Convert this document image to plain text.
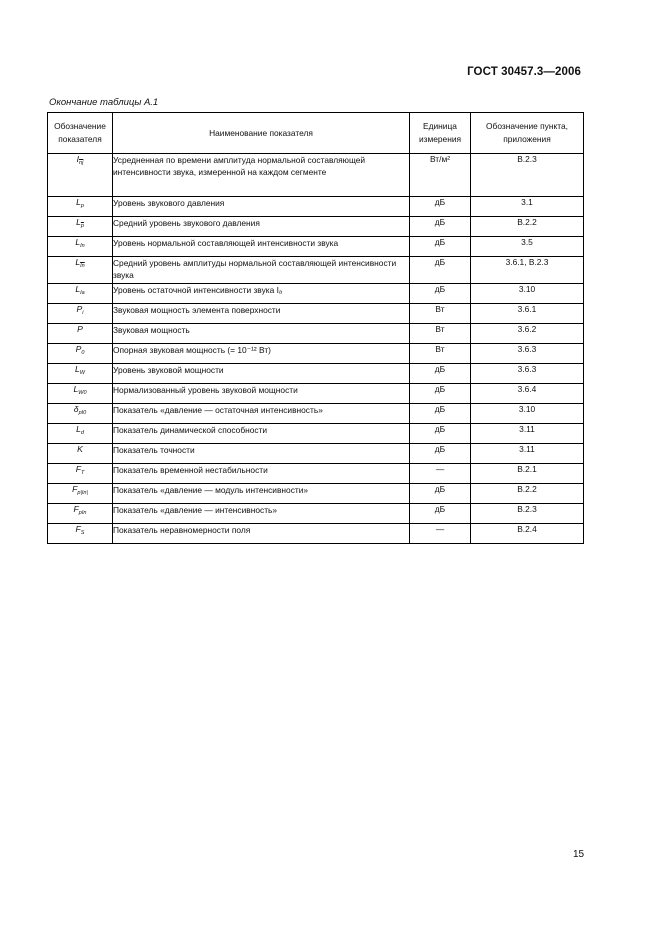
ГОСТ 30457.3—2006
Окончание таблицы А.1
Обозначение показателя	Наименование показателя	Единица измерения	Обозначение пункта, приложения
$I_{nj}$	Усредненная по времени амплитуда нормальной составляющей интенсивности звука, измеренной на каждом сегменте	Вт/м²	В.2.3
$L_p$	Уровень звукового давления	дБ	3.1
$L_p$	Средний уровень звукового давления	дБ	В.2.2
$L_{In}$	Уровень нормальной составляющей интенсивности звука	дБ	3.5
$L_{In}$	Средний уровень амплитуды нормальной составляющей интенсивности звука	дБ	3.6.1, В.2.3
$L_{Ia}$	Уровень остаточной интенсивности звука Iₐ	дБ	3.10
$P_i$	Звуковая мощность элемента поверхности	Вт	3.6.1
P	Звуковая мощность	Вт	3.6.2
$P_0$	Опорная звуковая мощность (= 10⁻¹² Вт)	Вт	3.6.3
$L_W$	Уровень звуковой мощности	дБ	3.6.3
$L_{W0}$	Нормализованный уровень звуковой мощности	дБ	3.6.4
$\delta_{pI0}$	Показатель «давление — остаточная интенсивность»	дБ	3.10
$L_d$	Показатель динамической способности	дБ	3.11
K	Показатель точности	дБ	3.11
$F_T$	Показатель временной нестабильности	—	В.2.1
$F_{p|In|}$	Показатель «давление — модуль интенсивности»	дБ	В.2.2
$F_{pIn}$	Показатель «давление — интенсивность»	дБ	В.2.3
$F_S$	Показатель неравномерности поля	—	В.2.4
15
